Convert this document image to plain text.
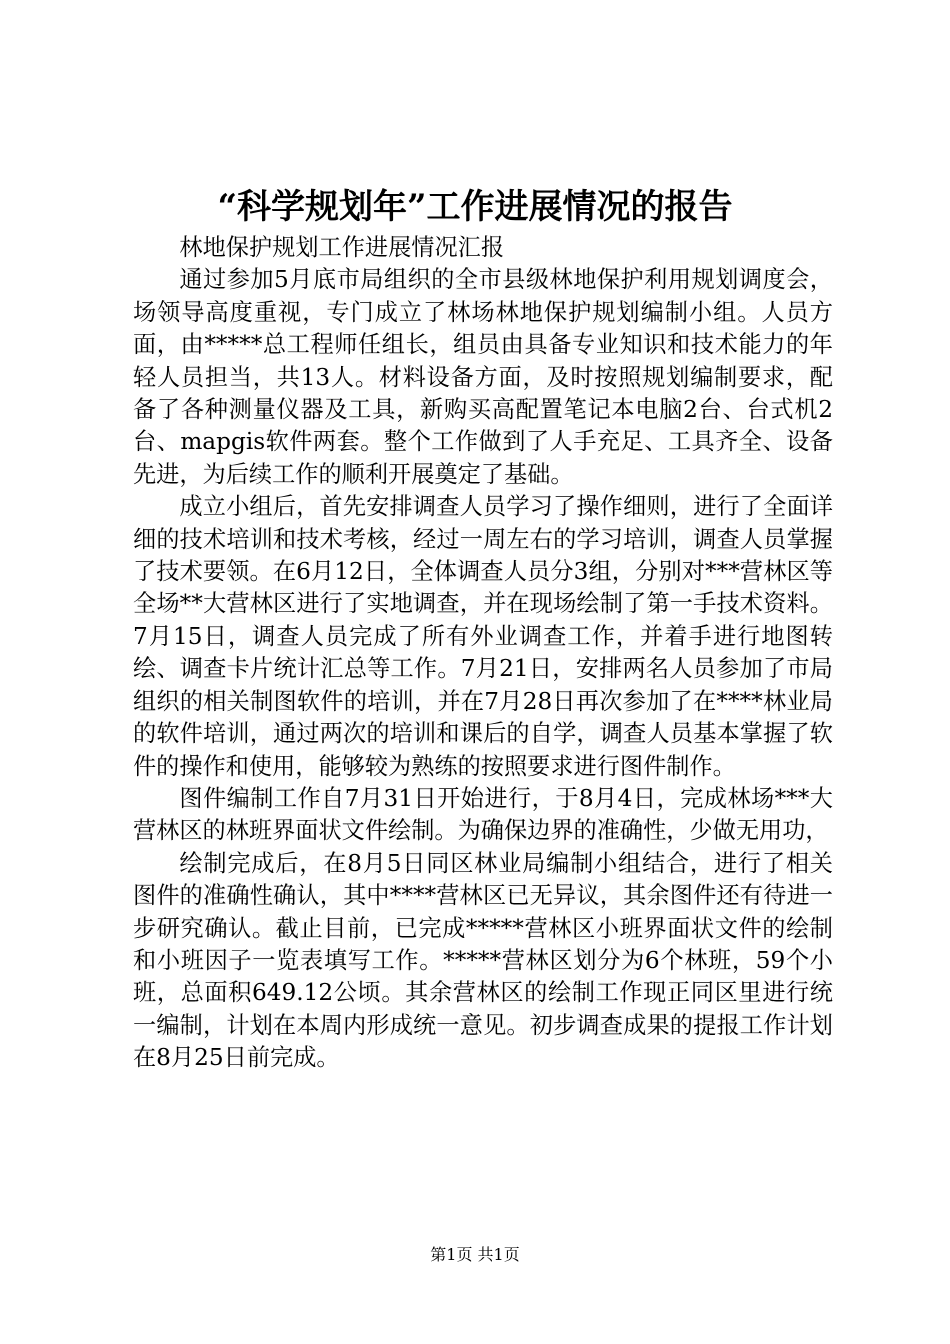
“科学规划年”工作进展情况的报告

林地保护规划工作进展情况汇报

通过参加5月底市局组织的全市县级林地保护利用规划调度会，场领导高度重视，专门成立了林场林地保护规划编制小组。人员方面，由*****总工程师任组长，组员由具备专业知识和技术能力的年轻人员担当，共13人。材料设备方面，及时按照规划编制要求，配备了各种测量仪器及工具，新购买高配置笔记本电脑2台、台式机2台、mapgis软件两套。整个工作做到了人手充足、工具齐全、设备先进，为后续工作的顺利开展奠定了基础。

成立小组后，首先安排调查人员学习了操作细则，进行了全面详细的技术培训和技术考核，经过一周左右的学习培训，调查人员掌握了技术要领。在6月12日，全体调查人员分3组，分别对***营林区等全场**大营林区进行了实地调查，并在现场绘制了第一手技术资料。7月15日，调查人员完成了所有外业调查工作，并着手进行地图转绘、调查卡片统计汇总等工作。7月21日，安排两名人员参加了市局组织的相关制图软件的培训，并在7月28日再次参加了在****林业局的软件培训，通过两次的培训和课后的自学，调查人员基本掌握了软件的操作和使用，能够较为熟练的按照要求进行图件制作。

图件编制工作自7月31日开始进行，于8月4日，完成林场***大营林区的林班界面状文件绘制。为确保边界的准确性，少做无用功，

绘制完成后，在8月5日同区林业局编制小组结合，进行了相关图件的准确性确认，其中****营林区已无异议，其余图件还有待进一步研究确认。截止目前，已完成*****营林区小班界面状文件的绘制和小班因子一览表填写工作。*****营林区划分为6个林班，59个小班，总面积649.12公顷。其余营林区的绘制工作现正同区里进行统一编制，计划在本周内形成统一意见。初步调查成果的提报工作计划在8月25日前完成。

第1页 共1页
